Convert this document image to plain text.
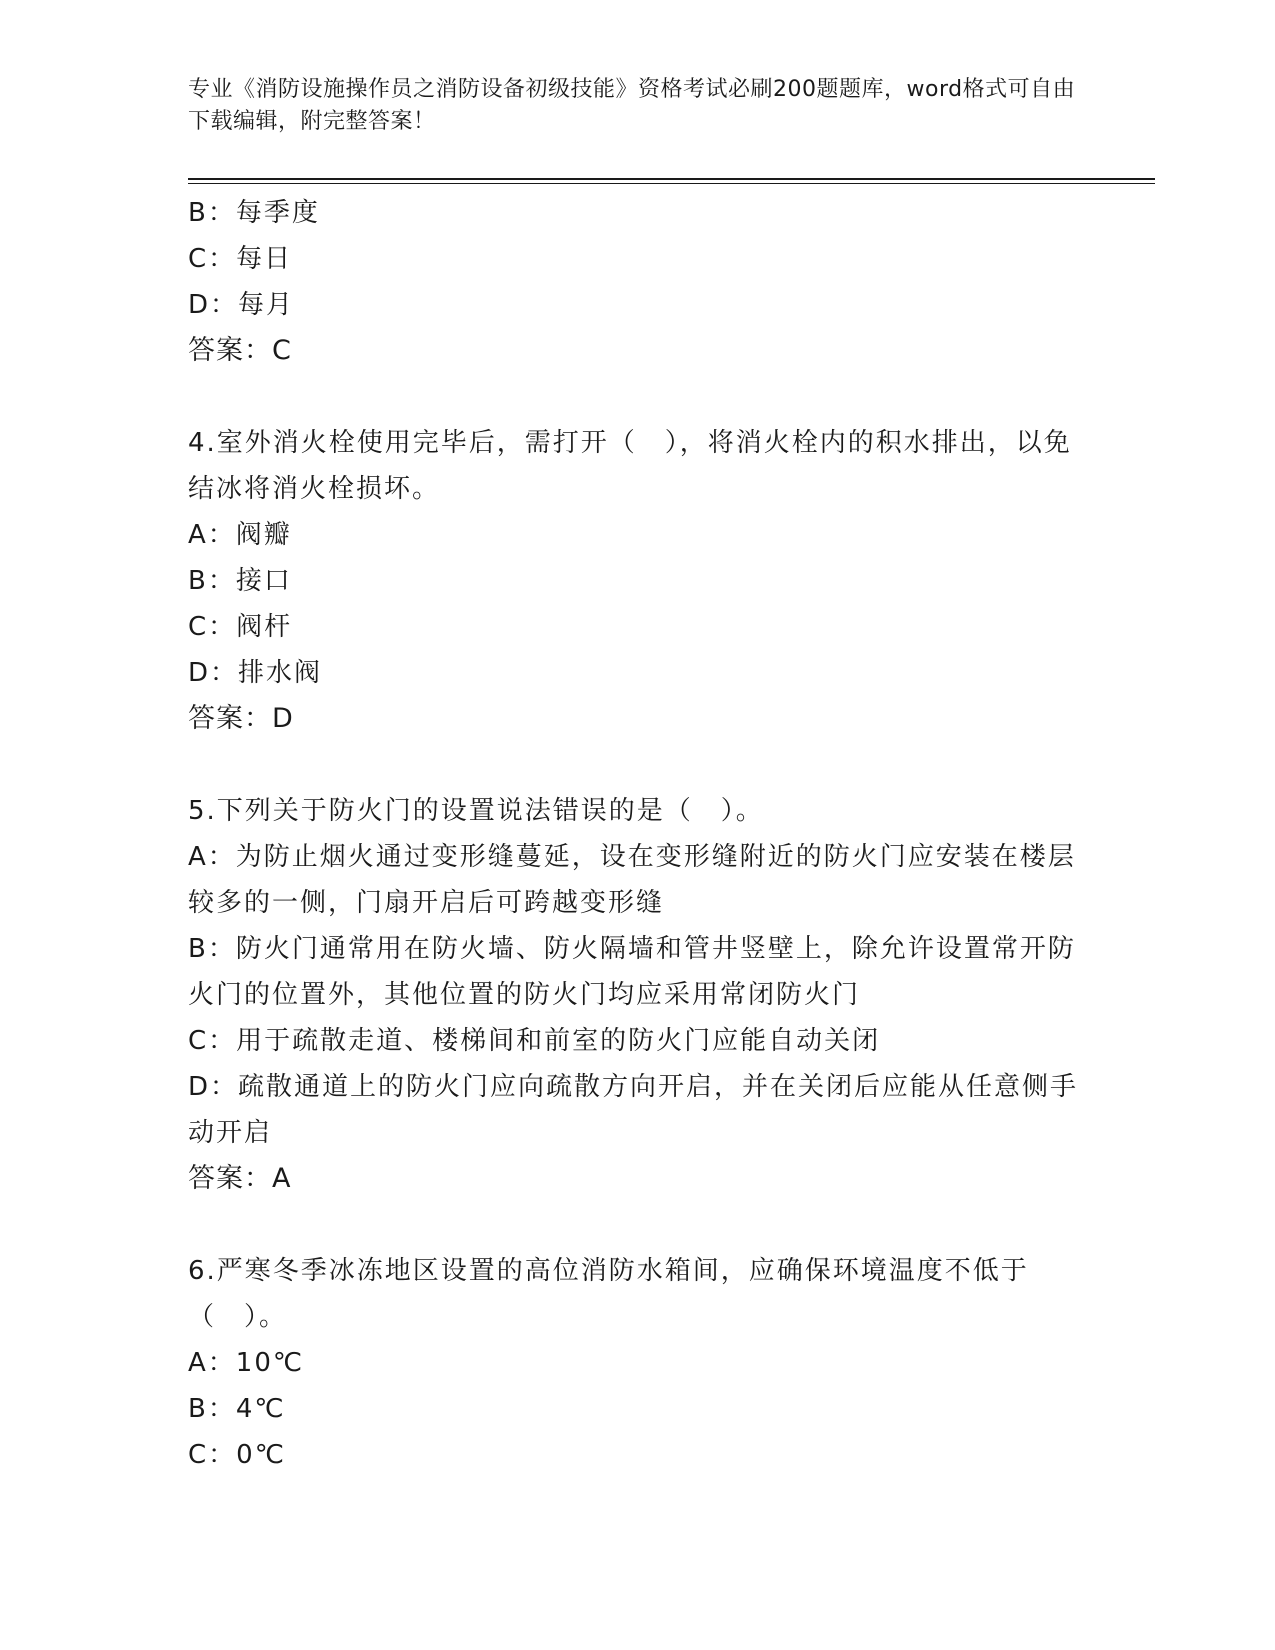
专业《消防设施操作员之消防设备初级技能》资格考试必刷200题题库，word格式可自由下载编辑，附完整答案！

B：每季度

C：每日

D：每月

答案：C

4.室外消火栓使用完毕后，需打开（　），将消火栓内的积水排出，以免结冰将消火栓损坏。

A：阀瓣

B：接口

C：阀杆

D：排水阀

答案：D

5.下列关于防火门的设置说法错误的是（　）。

A：为防止烟火通过变形缝蔓延，设在变形缝附近的防火门应安装在楼层较多的一侧，门扇开启后可跨越变形缝

B：防火门通常用在防火墙、防火隔墙和管井竖壁上，除允许设置常开防火门的位置外，其他位置的防火门均应采用常闭防火门

C：用于疏散走道、楼梯间和前室的防火门应能自动关闭

D：疏散通道上的防火门应向疏散方向开启，并在关闭后应能从任意侧手动开启

答案：A

6.严寒冬季冰冻地区设置的高位消防水箱间，应确保环境温度不低于（　）。

A：10℃

B：4℃

C：0℃
